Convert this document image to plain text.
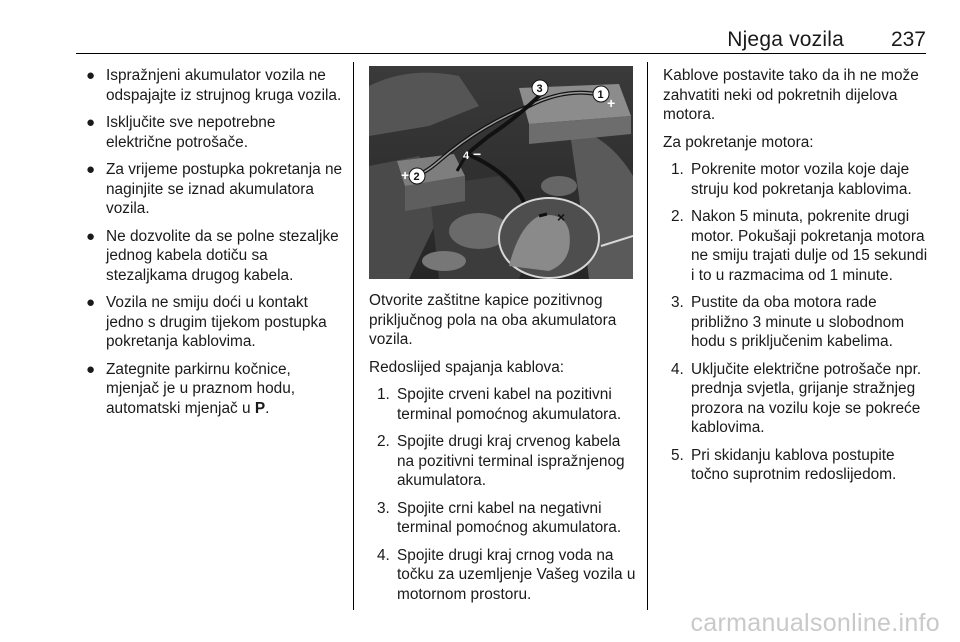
Njega vozila 237
● Ispražnjeni akumulator vozila ne odspajajte iz strujnog kruga vozila.
● Isključite sve nepotrebne električne potrošače.
● Za vrijeme postupka pokretanja ne naginjite se iznad akumulatora vozila.
● Ne dozvolite da se polne stezaljke jednog kabela dotiču sa stezaljkama drugog kabela.
● Vozila ne smiju doći u kontakt jedno s drugim tijekom postupka pokretanja kablovima.
● Zategnite parkirnu kočnice, mjenjač je u praznom hodu, automatski mjenjač u P.
×
1 +
2
+
3
4 −

Otvorite zaštitne kapice pozitivnog priključnog pola na oba akumulatora vozila.

Redoslijed spajanja kablova:

1. Spojite crveni kabel na pozitivni terminal pomoćnog akumulatora.
2. Spojite drugi kraj crvenog kabela na pozitivni terminal ispražnjenog akumulatora.
3. Spojite crni kabel na negativni terminal pomoćnog akumulatora.
4. Spojite drugi kraj crnog voda na točku za uzemljenje Vašeg vozila u motornom prostoru.

Kablove postavite tako da ih ne može zahvatiti neki od pokretnih dijelova motora.

Za pokretanje motora:

1. Pokrenite motor vozila koje daje struju kod pokretanja kablovima.
2. Nakon 5 minuta, pokrenite drugi motor. Pokušaji pokretanja motora ne smiju trajati dulje od 15 sekundi i to u razmacima od 1 minute.
3. Pustite da oba motora rade približno 3 minute u slobodnom hodu s priključenim kabelima.
4. Uključite električne potrošače npr. prednja svjetla, grijanje stražnjeg prozora na vozilu koje se pokreće kablovima.
5. Pri skidanju kablova postupite točno suprotnim redoslijedom.
carmanualsonline.info
